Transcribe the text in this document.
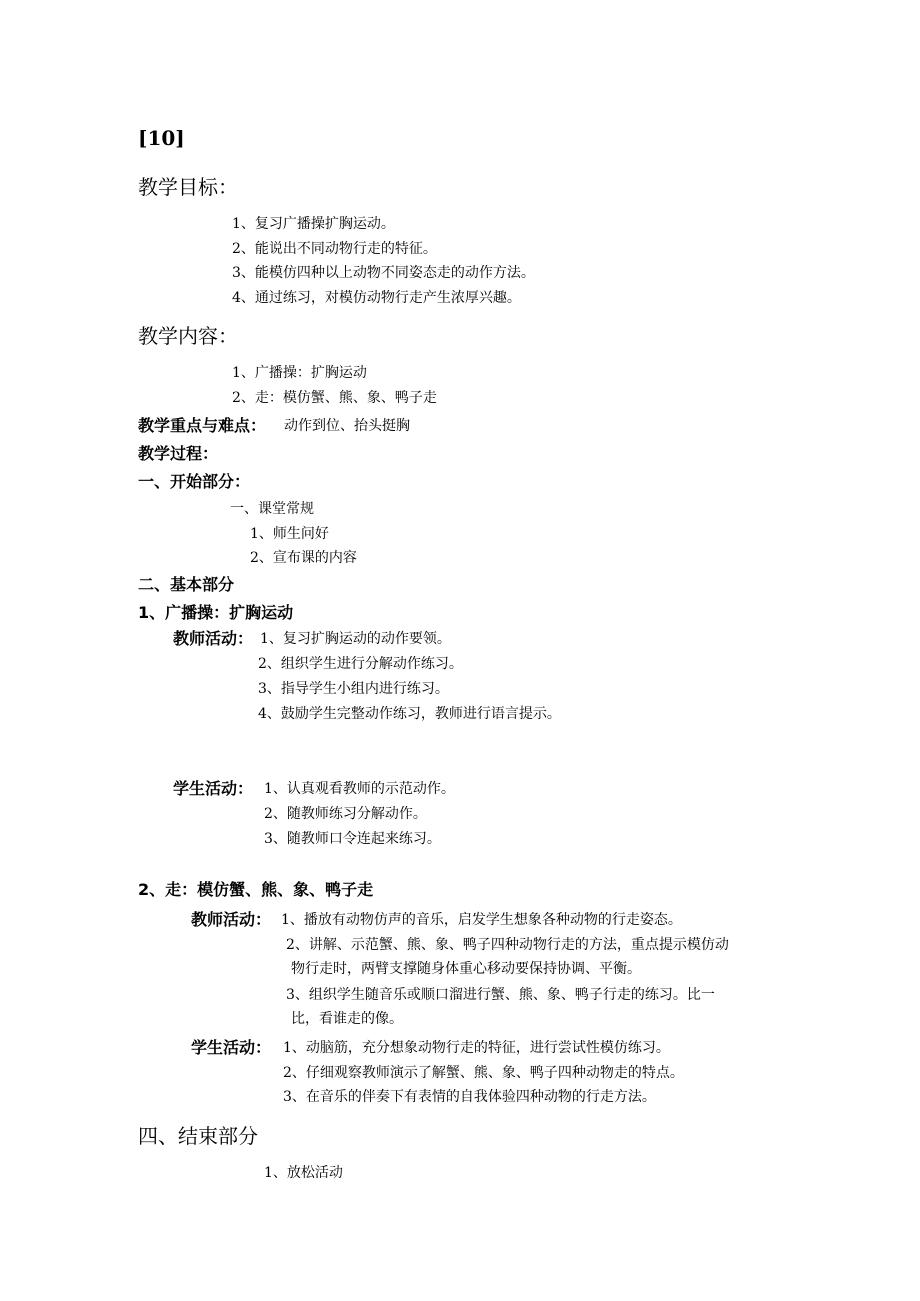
[10]
教学目标：
1、复习广播操扩胸运动。
2、能说出不同动物行走的特征。
3、能模仿四种以上动物不同姿态走的动作方法。
4、通过练习，对模仿动物行走产生浓厚兴趣。
教学内容：
1、广播操：扩胸运动
2、走：模仿蟹、熊、象、鸭子走
教学重点与难点： 动作到位、抬头挺胸
教学过程：
一、开始部分：
一、课堂常规
1、师生问好
2、宣布课的内容
二、基本部分
1、广播操：扩胸运动
教师活动： 1、复习扩胸运动的动作要领。
2、组织学生进行分解动作练习。
3、指导学生小组内进行练习。
4、鼓励学生完整动作练习，教师进行语言提示。
学生活动： 1、认真观看教师的示范动作。
2、随教师练习分解动作。
3、随教师口令连起来练习。
2、走：模仿蟹、熊、象、鸭子走
教师活动： 1、播放有动物仿声的音乐，启发学生想象各种动物的行走姿态。
2、讲解、示范蟹、熊、象、鸭子四种动物行走的方法，重点提示模仿动
物行走时，两臂支撑随身体重心移动要保持协调、平衡。
3、组织学生随音乐或顺口溜进行蟹、熊、象、鸭子行走的练习。比一
比，看谁走的像。
学生活动： 1、动脑筋，充分想象动物行走的特征，进行尝试性模仿练习。
2、仔细观察教师演示了解蟹、熊、象、鸭子四种动物走的特点。
3、在音乐的伴奏下有表情的自我体验四种动物的行走方法。
四、结束部分
1、放松活动
